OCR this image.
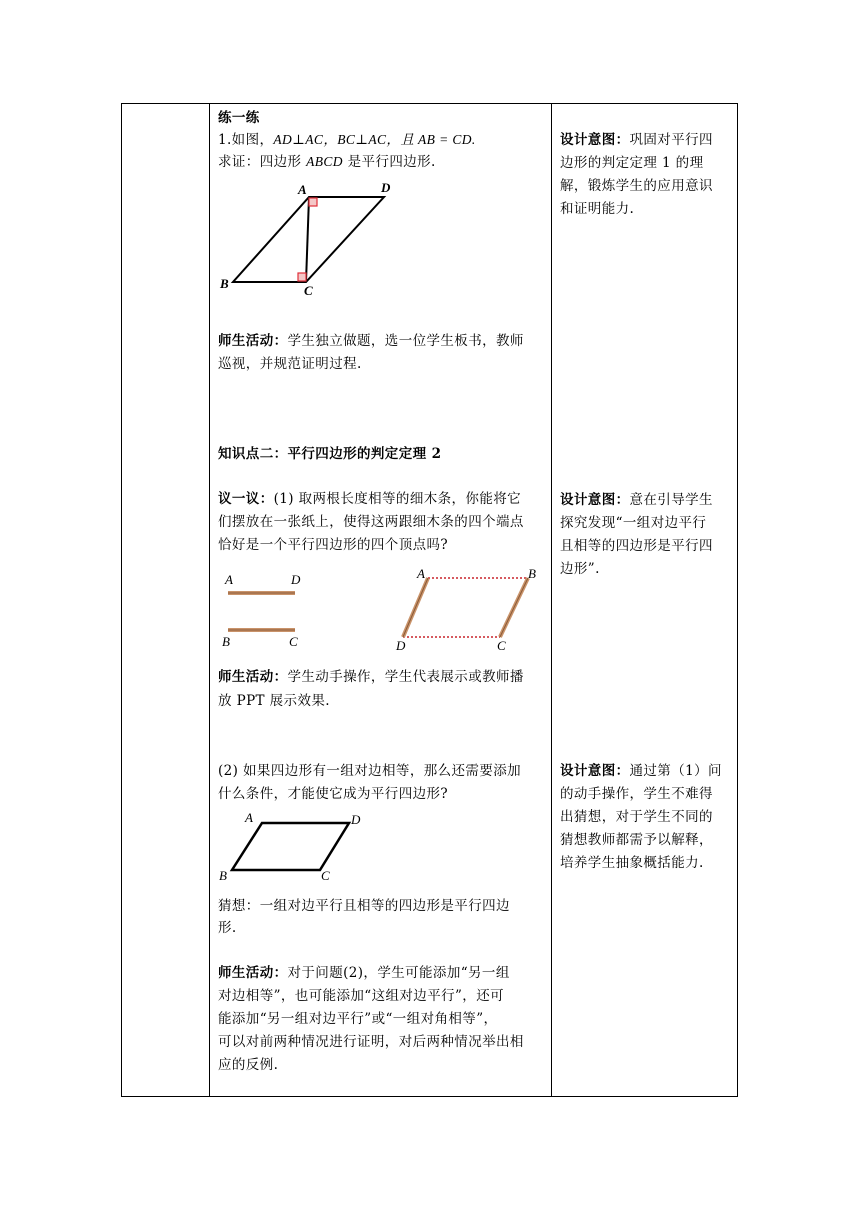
练一练
1.如图，AD⊥AC，BC⊥AC，且 AB = CD.
求证：四边形 ABCD 是平行四边形.
A	D
B	C
师生活动：学生独立做题，选一位学生板书，教师
巡视，并规范证明过程.
设计意图：巩固对平行四
边形的判定定理 1 的理
解，锻炼学生的应用意识
和证明能力.
知识点二：平行四边形的判定定理 2
议一议：(1) 取两根长度相等的细木条，你能将它
们摆放在一张纸上，使得这两跟细木条的四个端点
恰好是一个平行四边形的四个顶点吗?
A	D
B	C
A	B
D	C
师生活动：学生动手操作，学生代表展示或教师播
放 PPT 展示效果.
设计意图：意在引导学生
探究发现“一组对边平行
且相等的四边形是平行四
边形”.
(2) 如果四边形有一组对边相等，那么还需要添加
什么条件，才能使它成为平行四边形?
A	D
B	C
猜想：一组对边平行且相等的四边形是平行四边
形.
师生活动：对于问题(2)，学生可能添加“另一组
对边相等”，也可能添加“这组对边平行”，还可
能添加“另一组对边平行”或“一组对角相等”，
可以对前两种情况进行证明，对后两种情况举出相
应的反例.
设计意图：通过第（1）问
的动手操作，学生不难得
出猜想，对于学生不同的
猜想教师都需予以解释，
培养学生抽象概括能力.
